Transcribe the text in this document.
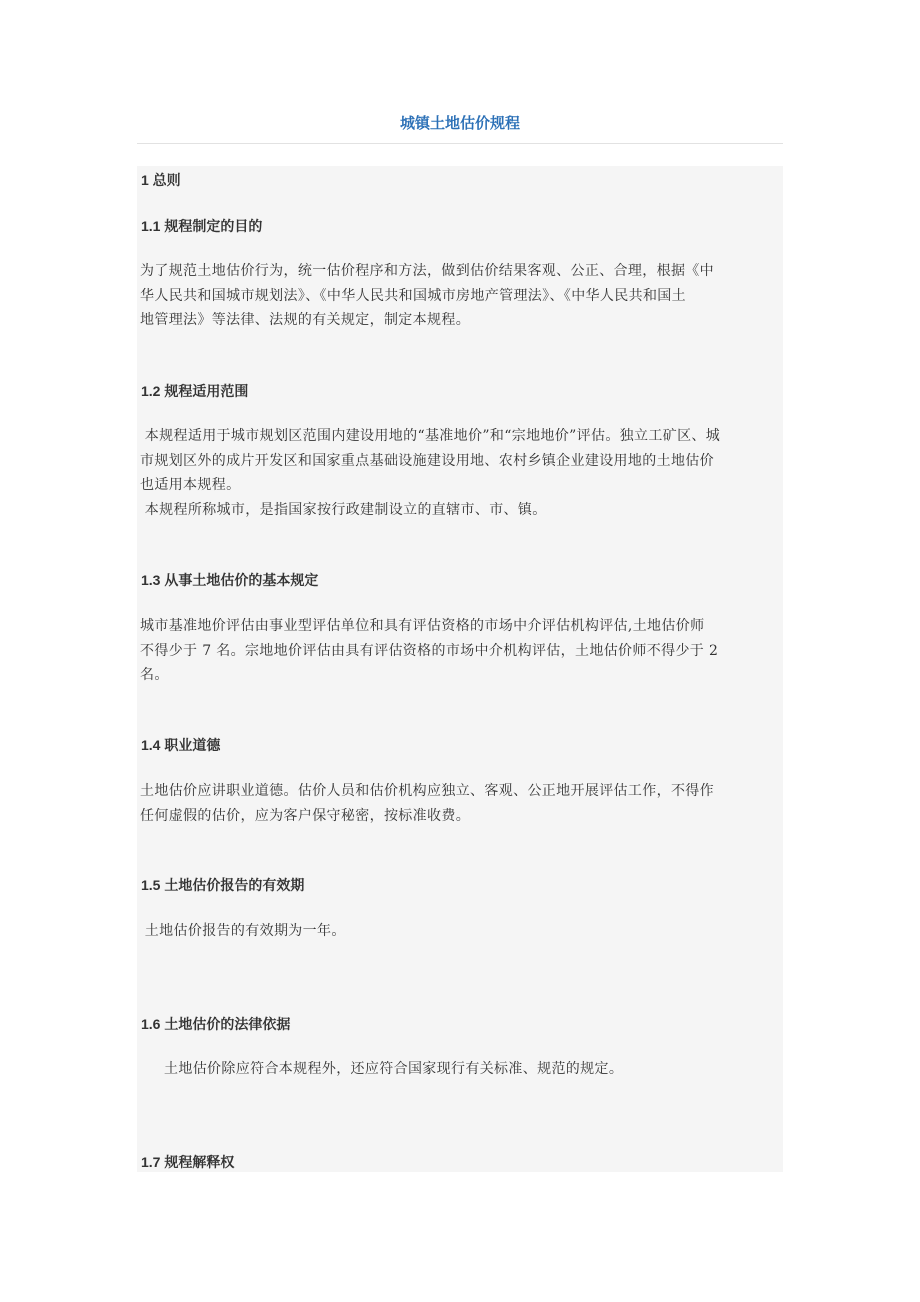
城镇土地估价规程
1 总则
1.1 规程制定的目的
为了规范土地估价行为，统一估价程序和方法，做到估价结果客观、公正、合理，根据《中
华人民共和国城市规划法》、《中华人民共和国城市房地产管理法》、《中华人民共和国土
地管理法》等法律、法规的有关规定，制定本规程。
1.2 规程适用范围
本规程适用于城市规划区范围内建设用地的“基准地价”和“宗地地价”评估。独立工矿区、城
市规划区外的成片开发区和国家重点基础设施建设用地、农村乡镇企业建设用地的土地估价
也适用本规程。
本规程所称城市，是指国家按行政建制设立的直辖市、市、镇。
1.3 从事土地估价的基本规定
城市基准地价评估由事业型评估单位和具有评估资格的市场中介评估机构评估,土地估价师
不得少于 7 名。宗地地价评估由具有评估资格的市场中介机构评估，土地估价师不得少于 2
名。
1.4 职业道德
土地估价应讲职业道德。估价人员和估价机构应独立、客观、公正地开展评估工作，不得作
任何虚假的估价，应为客户保守秘密，按标准收费。
1.5 土地估价报告的有效期
土地估价报告的有效期为一年。
1.6 土地估价的法律依据
土地估价除应符合本规程外，还应符合国家现行有关标准、规范的规定。
1.7 规程解释权
